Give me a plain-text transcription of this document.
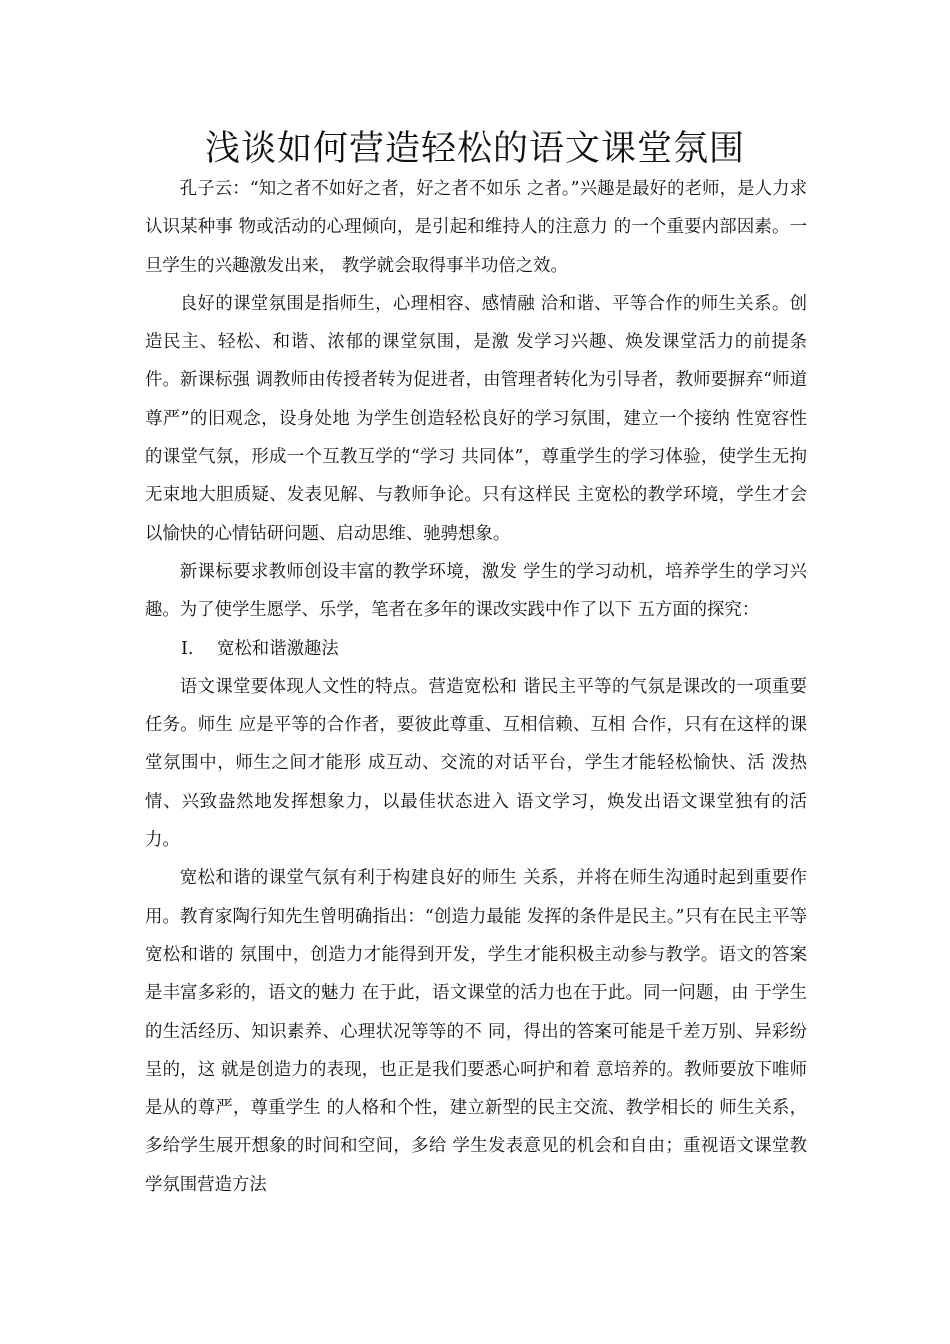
浅谈如何营造轻松的语文课堂氛围

孔子云：“知之者不如好之者，好之者不如乐 之者。”兴趣是最好的老师，是人力求认识某种事 物或活动的心理倾向，是引起和维持人的注意力 的一个重要内部因素。一旦学生的兴趣激发出来， 教学就会取得事半功倍之效。

良好的课堂氛围是指师生，心理相容、感情融 洽和谐、平等合作的师生关系。创造民主、轻松、和谐、浓郁的课堂氛围，是激 发学习兴趣、焕发课堂活力的前提条件。新课标强 调教师由传授者转为促进者，由管理者转化为引导者，教师要摒弃“师道尊严”的旧观念，设身处地 为学生创造轻松良好的学习氛围，建立一个接纳 性宽容性的课堂气氛，形成一个互教互学的“学习 共同体”，尊重学生的学习体验，使学生无拘无束地大胆质疑、发表见解、与教师争论。只有这样民 主宽松的教学环境，学生才会以愉快的心情钻研问题、启动思维、驰骋想象。

新课标要求教师创设丰富的教学环境，激发 学生的学习动机，培养学生的学习兴趣。为了使学生愿学、乐学，笔者在多年的课改实践中作了以下 五方面的探究：

I. 宽松和谐激趣法

语文课堂要体现人文性的特点。营造宽松和 谐民主平等的气氛是课改的一项重要任务。师生 应是平等的合作者，要彼此尊重、互相信赖、互相 合作，只有在这样的课堂氛围中，师生之间才能形 成互动、交流的对话平台，学生才能轻松愉快、活 泼热情、兴致盎然地发挥想象力，以最佳状态进入 语文学习，焕发出语文课堂独有的活力。

宽松和谐的课堂气氛有利于构建良好的师生 关系，并将在师生沟通时起到重要作用。教育家陶行知先生曾明确指出：“创造力最能 发挥的条件是民主。”只有在民主平等宽松和谐的 氛围中，创造力才能得到开发，学生才能积极主动参与教学。语文的答案是丰富多彩的，语文的魅力 在于此，语文课堂的活力也在于此。同一问题，由 于学生的生活经历、知识素养、心理状况等等的不 同，得出的答案可能是千差万别、异彩纷呈的，这 就是创造力的表现，也正是我们要悉心呵护和着 意培养的。教师要放下唯师是从的尊严，尊重学生 的人格和个性，建立新型的民主交流、教学相长的 师生关系，多给学生展开想象的时间和空间，多给 学生发表意见的机会和自由；重视语文课堂教学氛围营造方法
